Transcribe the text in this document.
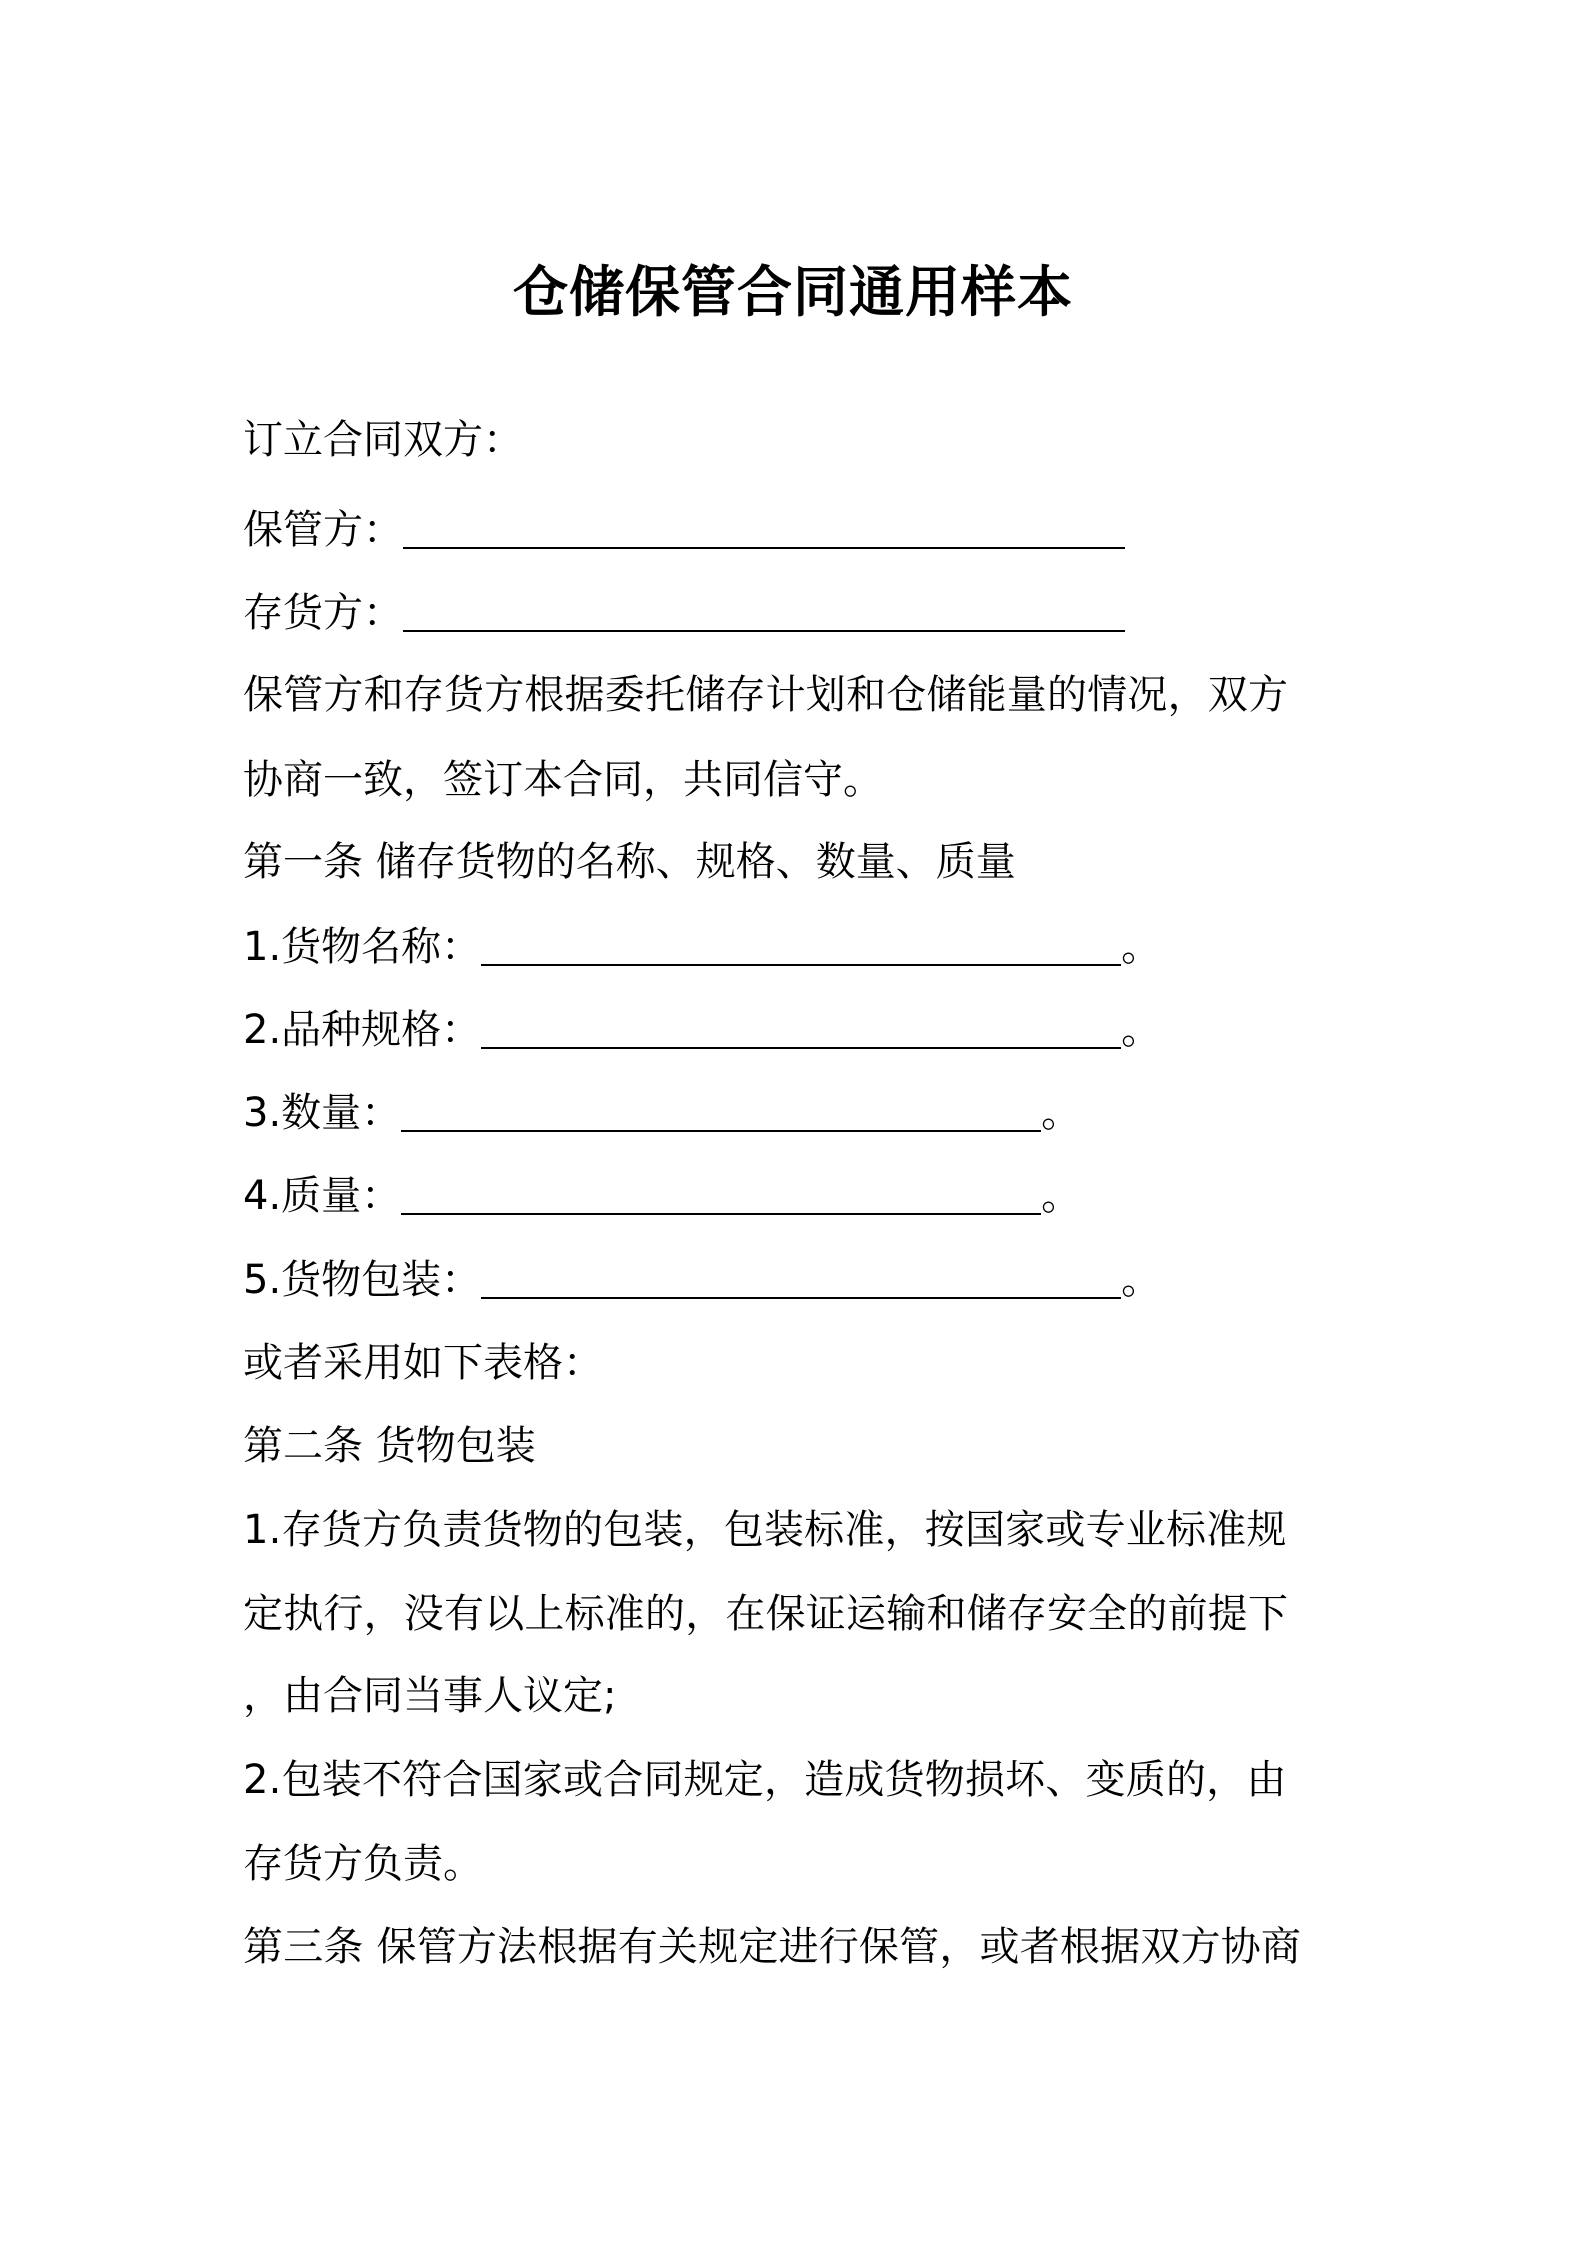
仓储保管合同通用样本
订立合同双方：
保管方：
存货方：
保管方和存货方根据委托储存计划和仓储能量的情况，双方
协商一致，签订本合同，共同信守。
第一条 储存货物的名称、规格、数量、质量
1.货物名称：	。
2.品种规格：	。
3.数量：	。
4.质量：	。
5.货物包装：	。
或者采用如下表格：
第二条 货物包装
1.存货方负责货物的包装，包装标准，按国家或专业标准规
定执行，没有以上标准的，在保证运输和储存安全的前提下
，由合同当事人议定;
2.包装不符合国家或合同规定，造成货物损坏、变质的，由
存货方负责。
第三条 保管方法根据有关规定进行保管，或者根据双方协商
